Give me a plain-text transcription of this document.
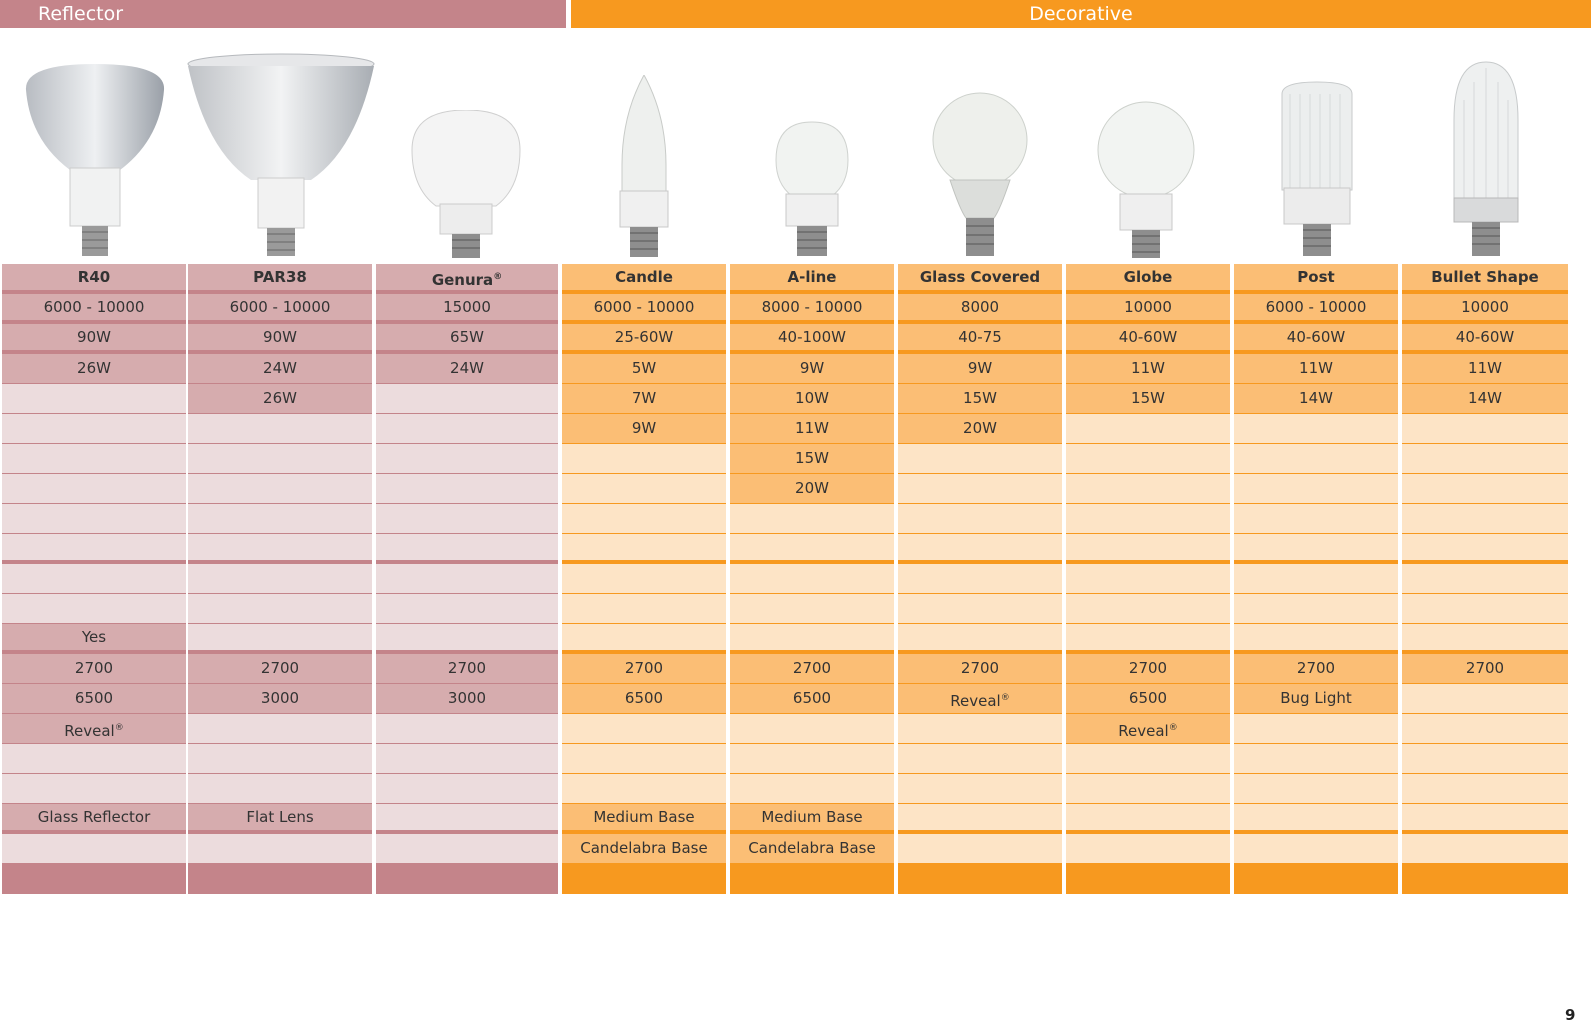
Reflector	Decorative
R40
6000 - 10000
90W
26W
Yes
2700
6500
Reveal®
Glass Reflector
PAR38
6000 - 10000
90W
24W
26W
2700
3000
Flat Lens
Genura®
15000
65W
24W
2700
3000
Candle
6000 - 10000
25-60W
5W
7W
9W
2700
6500
Medium Base
Candelabra Base
A-line
8000 - 10000
40-100W
9W
10W
11W
15W
20W
2700
6500
Medium Base
Candelabra Base
Glass Covered
8000
40-75
9W
15W
20W
2700
Reveal®
Globe
10000
40-60W
11W
15W
2700
6500
Reveal®
Post
6000 - 10000
40-60W
11W
14W
2700
Bug Light
Bullet Shape
10000
40-60W
11W
14W
2700
9
